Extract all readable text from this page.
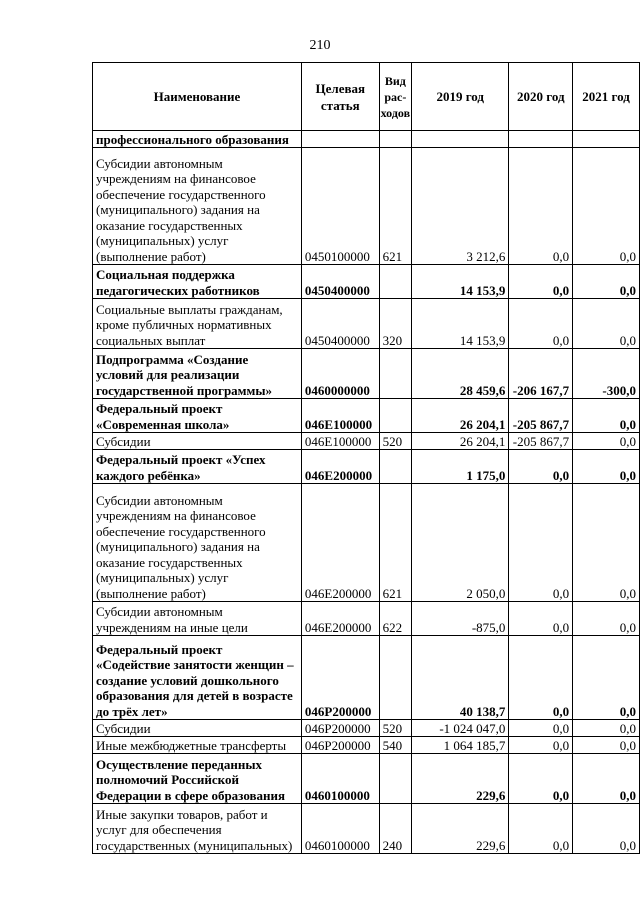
210
Наименование	Целевая статья	Вид рас-ходов	2019 год	2020 год	2021 год
профессионального образования					
Субсидии автономным учреждениям на финансовое обеспечение государственного (муниципального) задания на оказание государственных (муниципальных) услуг (выполнение работ)	0450100000	621	3 212,6	0,0	0,0
Социальная поддержка педагогических работников	0450400000		14 153,9	0,0	0,0
Социальные выплаты гражданам, кроме публичных нормативных социальных выплат	0450400000	320	14 153,9	0,0	0,0
Подпрограмма «Создание условий для реализации государственной программы»	0460000000		28 459,6	-206 167,7	-300,0
Федеральный проект «Современная школа»	046E100000		26 204,1	-205 867,7	0,0
Субсидии	046E100000	520	26 204,1	-205 867,7	0,0
Федеральный проект «Успех каждого ребёнка»	046E200000		1 175,0	0,0	0,0
Субсидии автономным учреждениям на финансовое обеспечение государственного (муниципального) задания на оказание государственных (муниципальных) услуг (выполнение работ)	046E200000	621	2 050,0	0,0	0,0
Субсидии автономным учреждениям на иные цели	046E200000	622	-875,0	0,0	0,0
Федеральный проект «Содействие занятости женщин – создание условий дошкольного образования для детей в возрасте до трёх лет»	046P200000		40 138,7	0,0	0,0
Субсидии	046P200000	520	-1 024 047,0	0,0	0,0
Иные межбюджетные трансферты	046P200000	540	1 064 185,7	0,0	0,0
Осуществление переданных полномочий Российской Федерации в сфере образования	0460100000		229,6	0,0	0,0
Иные закупки товаров, работ и услуг для обеспечения государственных (муниципальных)	0460100000	240	229,6	0,0	0,0
